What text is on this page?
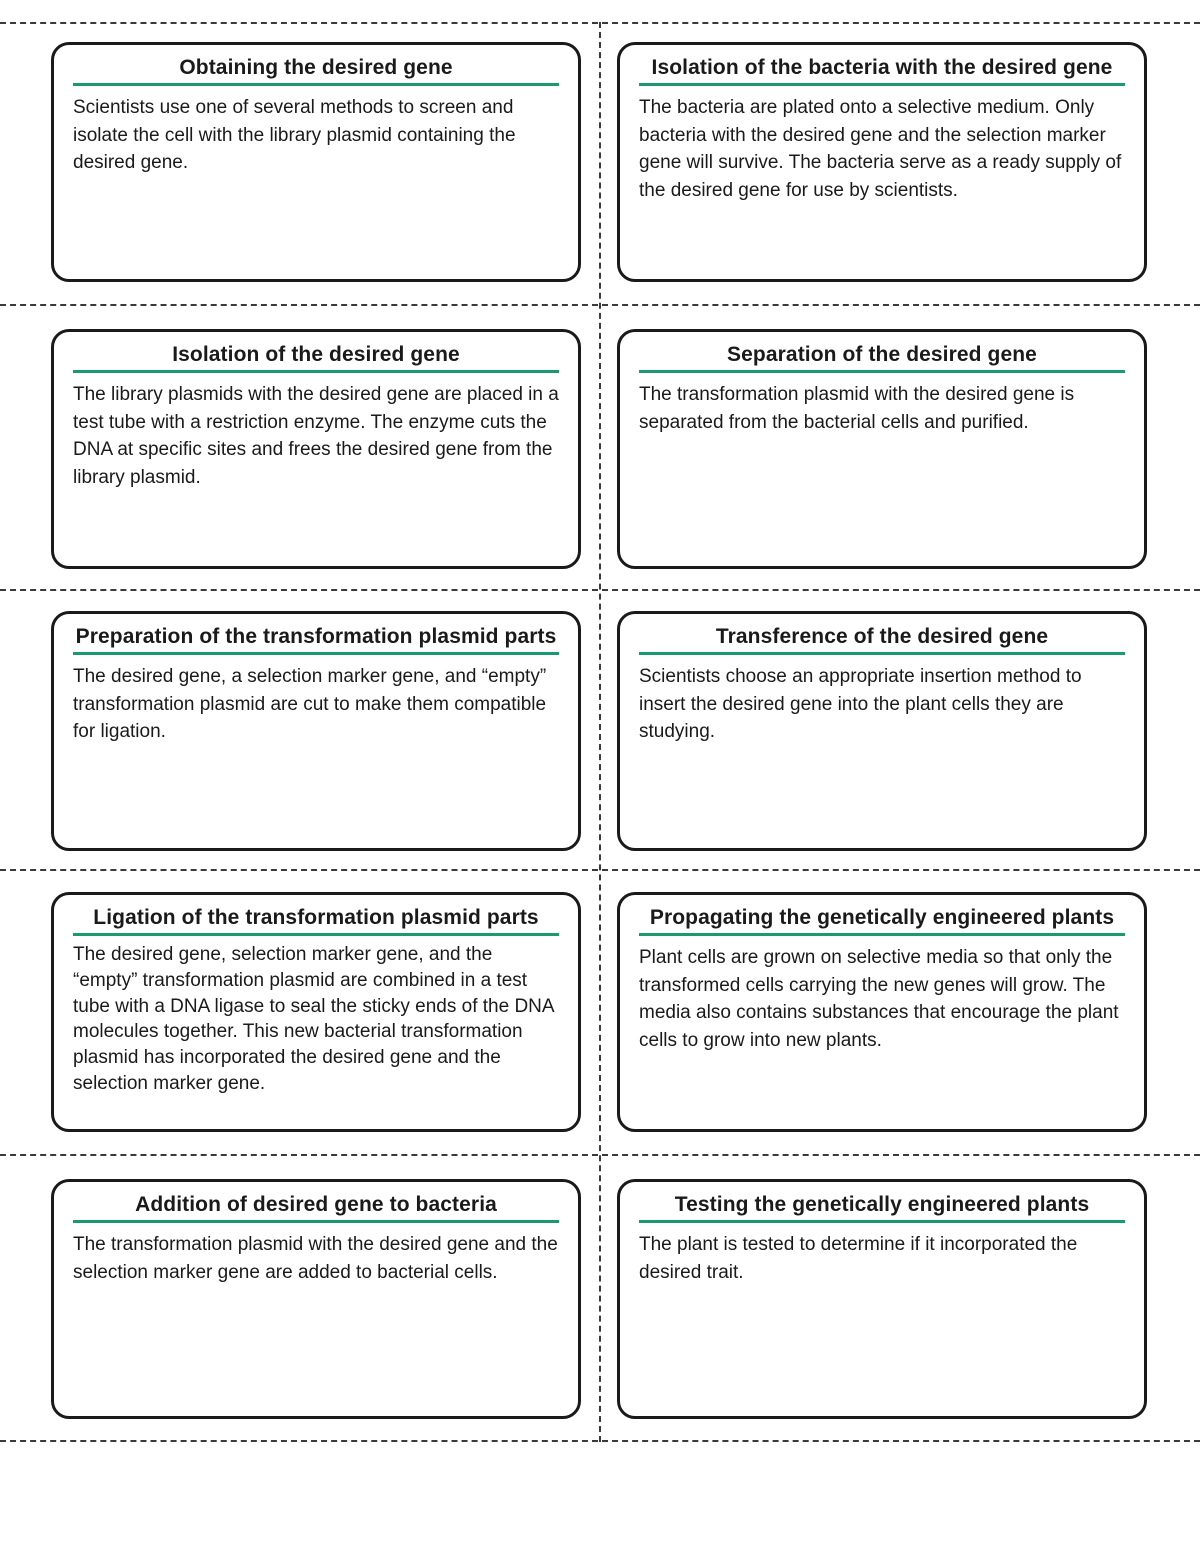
Obtaining the desired gene

Scientists use one of several methods to screen and isolate the cell with the library plasmid containing the desired gene.

Isolation of the bacteria with the desired gene

The bacteria are plated onto a selective medium. Only bacteria with the desired gene and the selection marker gene will survive. The bacteria serve as a ready supply of the desired gene for use by scientists.

Isolation of the desired gene

The library plasmids with the desired gene are placed in a test tube with a restriction enzyme. The enzyme cuts the DNA at specific sites and frees the desired gene from the library plasmid.

Separation of the desired gene

The transformation plasmid with the desired gene is separated from the bacterial cells and purified.

Preparation of the transformation plasmid parts

The desired gene, a selection marker gene, and “empty” transformation plasmid are cut to make them compatible for ligation.

Transference of the desired gene

Scientists choose an appropriate insertion method to insert the desired gene into the plant cells they are studying.

Ligation of the transformation plasmid parts

The desired gene, selection marker gene, and the “empty” transformation plasmid are combined in a test tube with a DNA ligase to seal the sticky ends of the DNA molecules together. This new bacterial transformation plasmid has incorporated the desired gene and the selection marker gene.

Propagating the genetically engineered plants

Plant cells are grown on selective media so that only the transformed cells carrying the new genes will grow. The media also contains substances that encourage the plant cells to grow into new plants.

Addition of desired gene to bacteria

The transformation plasmid with the desired gene and the selection marker gene are added to bacterial cells.

Testing the genetically engineered plants

The plant is tested to determine if it incorporated the desired trait.
